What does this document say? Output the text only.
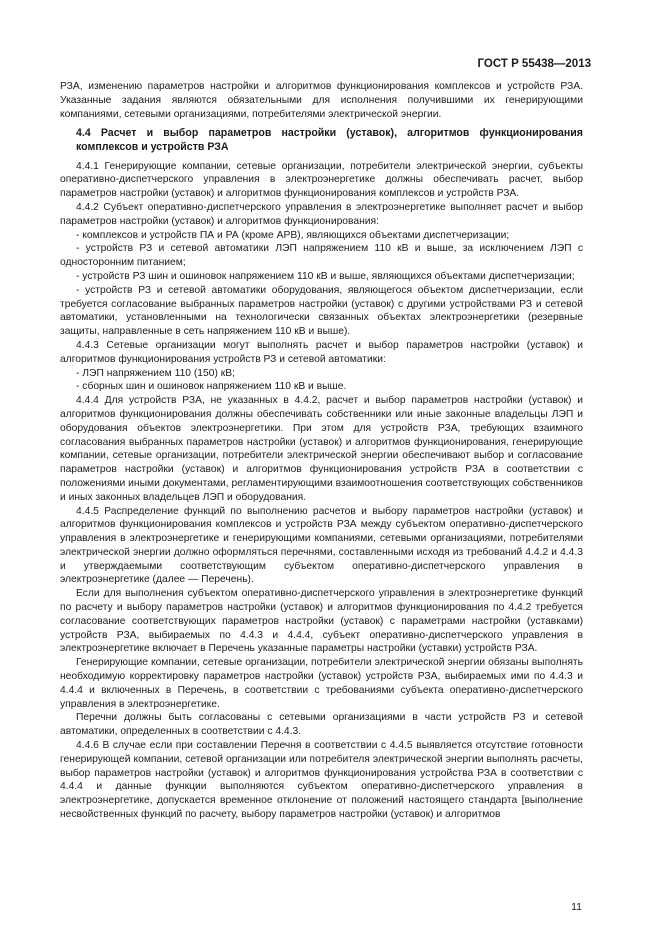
ГОСТ Р 55438—2013

РЗА, изменению параметров настройки и алгоритмов функционирования комплексов и устройств РЗА. Указанные задания являются обязательными для исполнения получившими их генерирующими компаниями, сетевыми организациями, потребителями электрической энергии.

4.4 Расчет и выбор параметров настройки (уставок), алгоритмов функционирования комплексов и устройств РЗА

4.4.1 Генерирующие компании, сетевые организации, потребители электрической энергии, субъекты оперативно-диспетчерского управления в электроэнергетике должны обеспечивать расчет, выбор параметров настройки (уставок) и алгоритмов функционирования комплексов и устройств РЗА.

4.4.2 Субъект оперативно-диспетчерского управления в электроэнергетике выполняет расчет и выбор параметров настройки (уставок) и алгоритмов функционирования:

- комплексов и устройств ПА и РА (кроме АРВ), являющихся объектами диспетчеризации;

- устройств РЗ и сетевой автоматики ЛЭП напряжением 110 кВ и выше, за исключением ЛЭП с односторонним питанием;

- устройств РЗ шин и ошиновок напряжением 110 кВ и выше, являющихся объектами диспетчеризации;

- устройств РЗ и сетевой автоматики оборудования, являющегося объектом диспетчеризации, если требуется согласование выбранных параметров настройки (уставок) с другими устройствами РЗ и сетевой автоматики, установленными на технологически связанных объектах электроэнергетики (резервные защиты, направленные в сеть напряжением 110 кВ и выше).

4.4.3 Сетевые организации могут выполнять расчет и выбор параметров настройки (уставок) и алгоритмов функционирования устройств РЗ и сетевой автоматики:

- ЛЭП напряжением 110 (150) кВ;

- сборных шин и ошиновок напряжением 110 кВ и выше.

4.4.4 Для устройств РЗА, не указанных в 4.4.2, расчет и выбор параметров настройки (уставок) и алгоритмов функционирования должны обеспечивать собственники или иные законные владельцы ЛЭП и оборудования объектов электроэнергетики. При этом для устройств РЗА, требующих взаимного согласования выбранных параметров настройки (уставок) и алгоритмов функционирования, генерирующие компании, сетевые организации, потребители электрической энергии обеспечивают выбор и согласование параметров настройки (уставок) и алгоритмов функционирования устройств РЗА в соответствии с положениями иными документами, регламентирующими взаимоотношения соответствующих собственников и иных законных владельцев ЛЭП и оборудования.

4.4.5 Распределение функций по выполнению расчетов и выбору параметров настройки (уставок) и алгоритмов функционирования комплексов и устройств РЗА между субъектом оперативно-диспетчерского управления в электроэнергетике и генерирующими компаниями, сетевыми организациями, потребителями электрической энергии должно оформляться перечнями, составленными исходя из требований 4.4.2 и 4.4.3 и утверждаемыми соответствующим субъектом оперативно-диспетчерского управления в электроэнергетике (далее — Перечень).

Если для выполнения субъектом оперативно-диспетчерского управления в электроэнергетике функций по расчету и выбору параметров настройки (уставок) и алгоритмов функционирования по 4.4.2 требуется согласование соответствующих параметров настройки (уставок) с параметрами настройки (уставками) устройств РЗА, выбираемых по 4.4.3 и 4.4.4, субъект оперативно-диспетчерского управления в электроэнергетике включает в Перечень указанные параметры настройки (уставки) устройств РЗА.

Генерирующие компании, сетевые организации, потребители электрической энергии обязаны выполнять необходимую корректировку параметров настройки (уставок) устройств РЗА, выбираемых ими по 4.4.3 и 4.4.4 и включенных в Перечень, в соответствии с требованиями субъекта оперативно-диспетчерского управления в электроэнергетике.

Перечни должны быть согласованы с сетевыми организациями в части устройств РЗ и сетевой автоматики, определенных в соответствии с 4.4.3.

4.4.6 В случае если при составлении Перечня в соответствии с 4.4.5 выявляется отсутствие готовности генерирующей компании, сетевой организации или потребителя электрической энергии выполнять расчеты, выбор параметров настройки (уставок) и алгоритмов функционирования устройства РЗА в соответствии с 4.4.4 и данные функции выполняются субъектом оперативно-диспетчерского управления в электроэнергетике, допускается временное отклонение от положений настоящего стандарта [выполнение несвойственных функций по расчету, выбору параметров настройки (уставок) и алгоритмов

11
